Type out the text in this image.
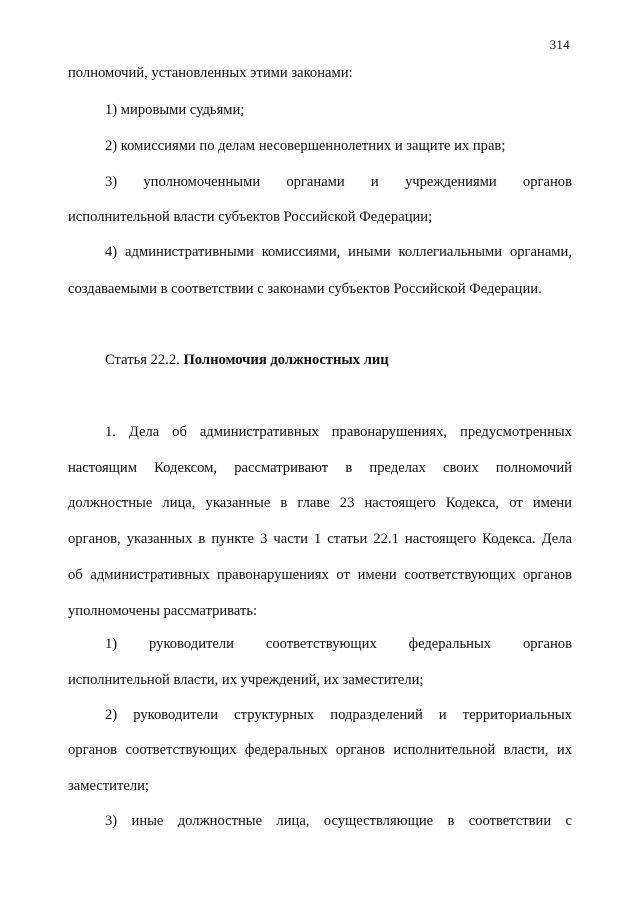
314
полномочий, установленных этими законами:
1) мировыми судьями;
2) комиссиями по делам несовершеннолетних и защите их прав;
3) уполномоченными органами и учреждениями органов
исполнительной власти субъектов Российской Федерации;
4) административными комиссиями, иными коллегиальными органами,
создаваемыми в соответствии с законами субъектов Российской Федерации.
Статья 22.2. Полномочия должностных лиц
1. Дела об административных правонарушениях, предусмотренных
настоящим Кодексом, рассматривают в пределах своих полномочий
должностные лица, указанные в главе 23 настоящего Кодекса, от имени
органов, указанных в пункте 3 части 1 статьи 22.1 настоящего Кодекса. Дела
об административных правонарушениях от имени соответствующих органов
уполномочены рассматривать:
1) руководители соответствующих федеральных органов
исполнительной власти, их учреждений, их заместители;
2) руководители структурных подразделений и территориальных
органов соответствующих федеральных органов исполнительной власти, их
заместители;
3) иные должностные лица, осуществляющие в соответствии с
